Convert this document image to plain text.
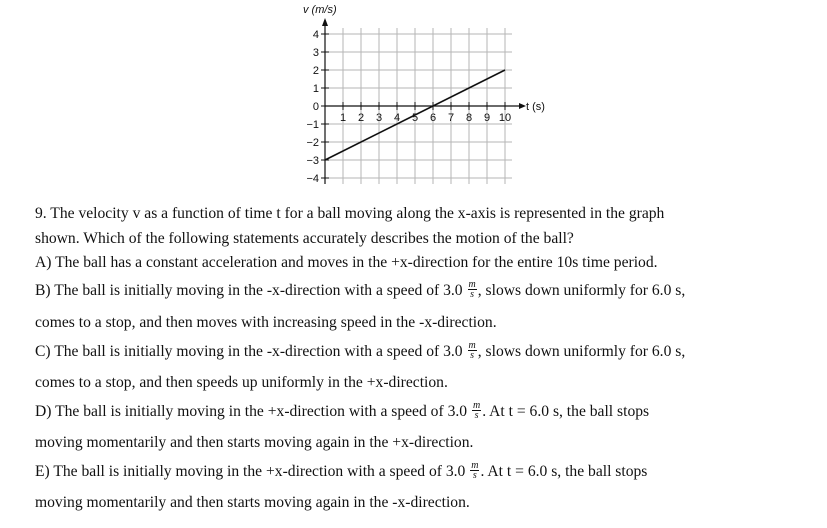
4
3
2
1
0
−1
−2
−3
−4
1 2 3 4 5 6 7 8 9 10
v (m/s)
t (s)
9. The velocity v as a function of time t for a ball moving along the x-axis is represented in the graph
shown. Which of the following statements accurately describes the motion of the ball?
A) The ball has a constant acceleration and moves in the +x-direction for the entire 10s time period.
B) The ball is initially moving in the -x-direction with a speed of $3.0 \frac{m}{s}$ , slows down uniformly for 6.0 s,
comes to a stop, and then moves with increasing speed in the -x-direction.
C) The ball is initially moving in the -x-direction with a speed of $3.0 \frac{m}{s}$ , slows down uniformly for 6.0 s,
comes to a stop, and then speeds up uniformly in the +x-direction.
D) The ball is initially moving in the +x-direction with a speed of $3.0 \frac{m}{s}$ . At t = 6.0 s, the ball stops
moving momentarily and then starts moving again in the +x-direction.
E) The ball is initially moving in the +x-direction with a speed of $3.0 \frac{m}{s}$ . At t = 6.0 s, the ball stops
moving momentarily and then starts moving again in the -x-direction.
